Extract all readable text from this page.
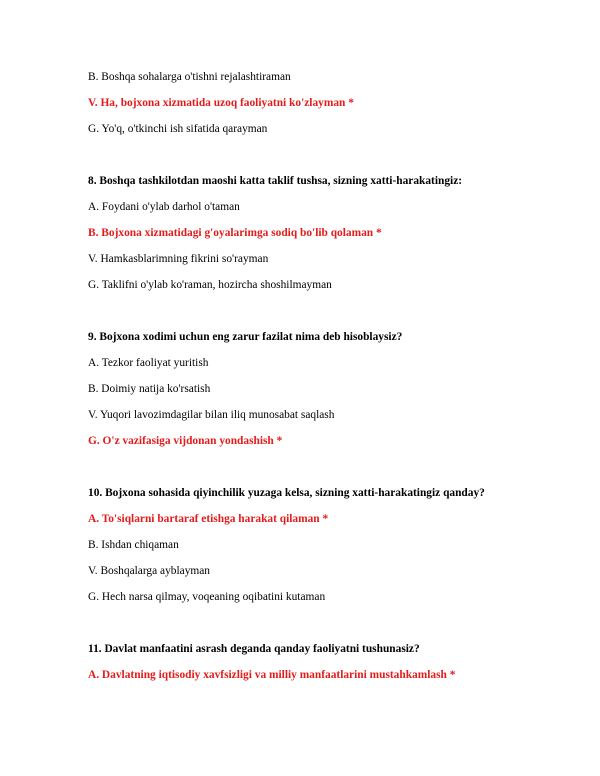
B. Boshqa sohalarga o'tishni rejalashtiraman
V. Ha, bojxona xizmatida uzoq faoliyatni ko'zlayman *
G. Yo'q, o'tkinchi ish sifatida qarayman
8. Boshqa tashkilotdan maoshi katta taklif tushsa, sizning xatti-harakatingiz:
A. Foydani o'ylab darhol o'taman
B. Bojxona xizmatidagi g'oyalarimga sodiq bo'lib qolaman *
V. Hamkasblarimning fikrini so'rayman
G. Taklifni o'ylab ko'raman, hozircha shoshilmayman
9. Bojxona xodimi uchun eng zarur fazilat nima deb hisoblaysiz?
A. Tezkor faoliyat yuritish
B. Doimiy natija ko'rsatish
V. Yuqori lavozimdagilar bilan iliq munosabat saqlash
G. O'z vazifasiga vijdonan yondashish *
10. Bojxona sohasida qiyinchilik yuzaga kelsa, sizning xatti-harakatingiz qanday?
A. To'siqlarni bartaraf etishga harakat qilaman *
B. Ishdan chiqaman
V. Boshqalarga ayblayman
G. Hech narsa qilmay, voqeaning oqibatini kutaman
11. Davlat manfaatini asrash deganda qanday faoliyatni tushunasiz?
A. Davlatning iqtisodiy xavfsizligi va milliy manfaatlarini mustahkamlash *
